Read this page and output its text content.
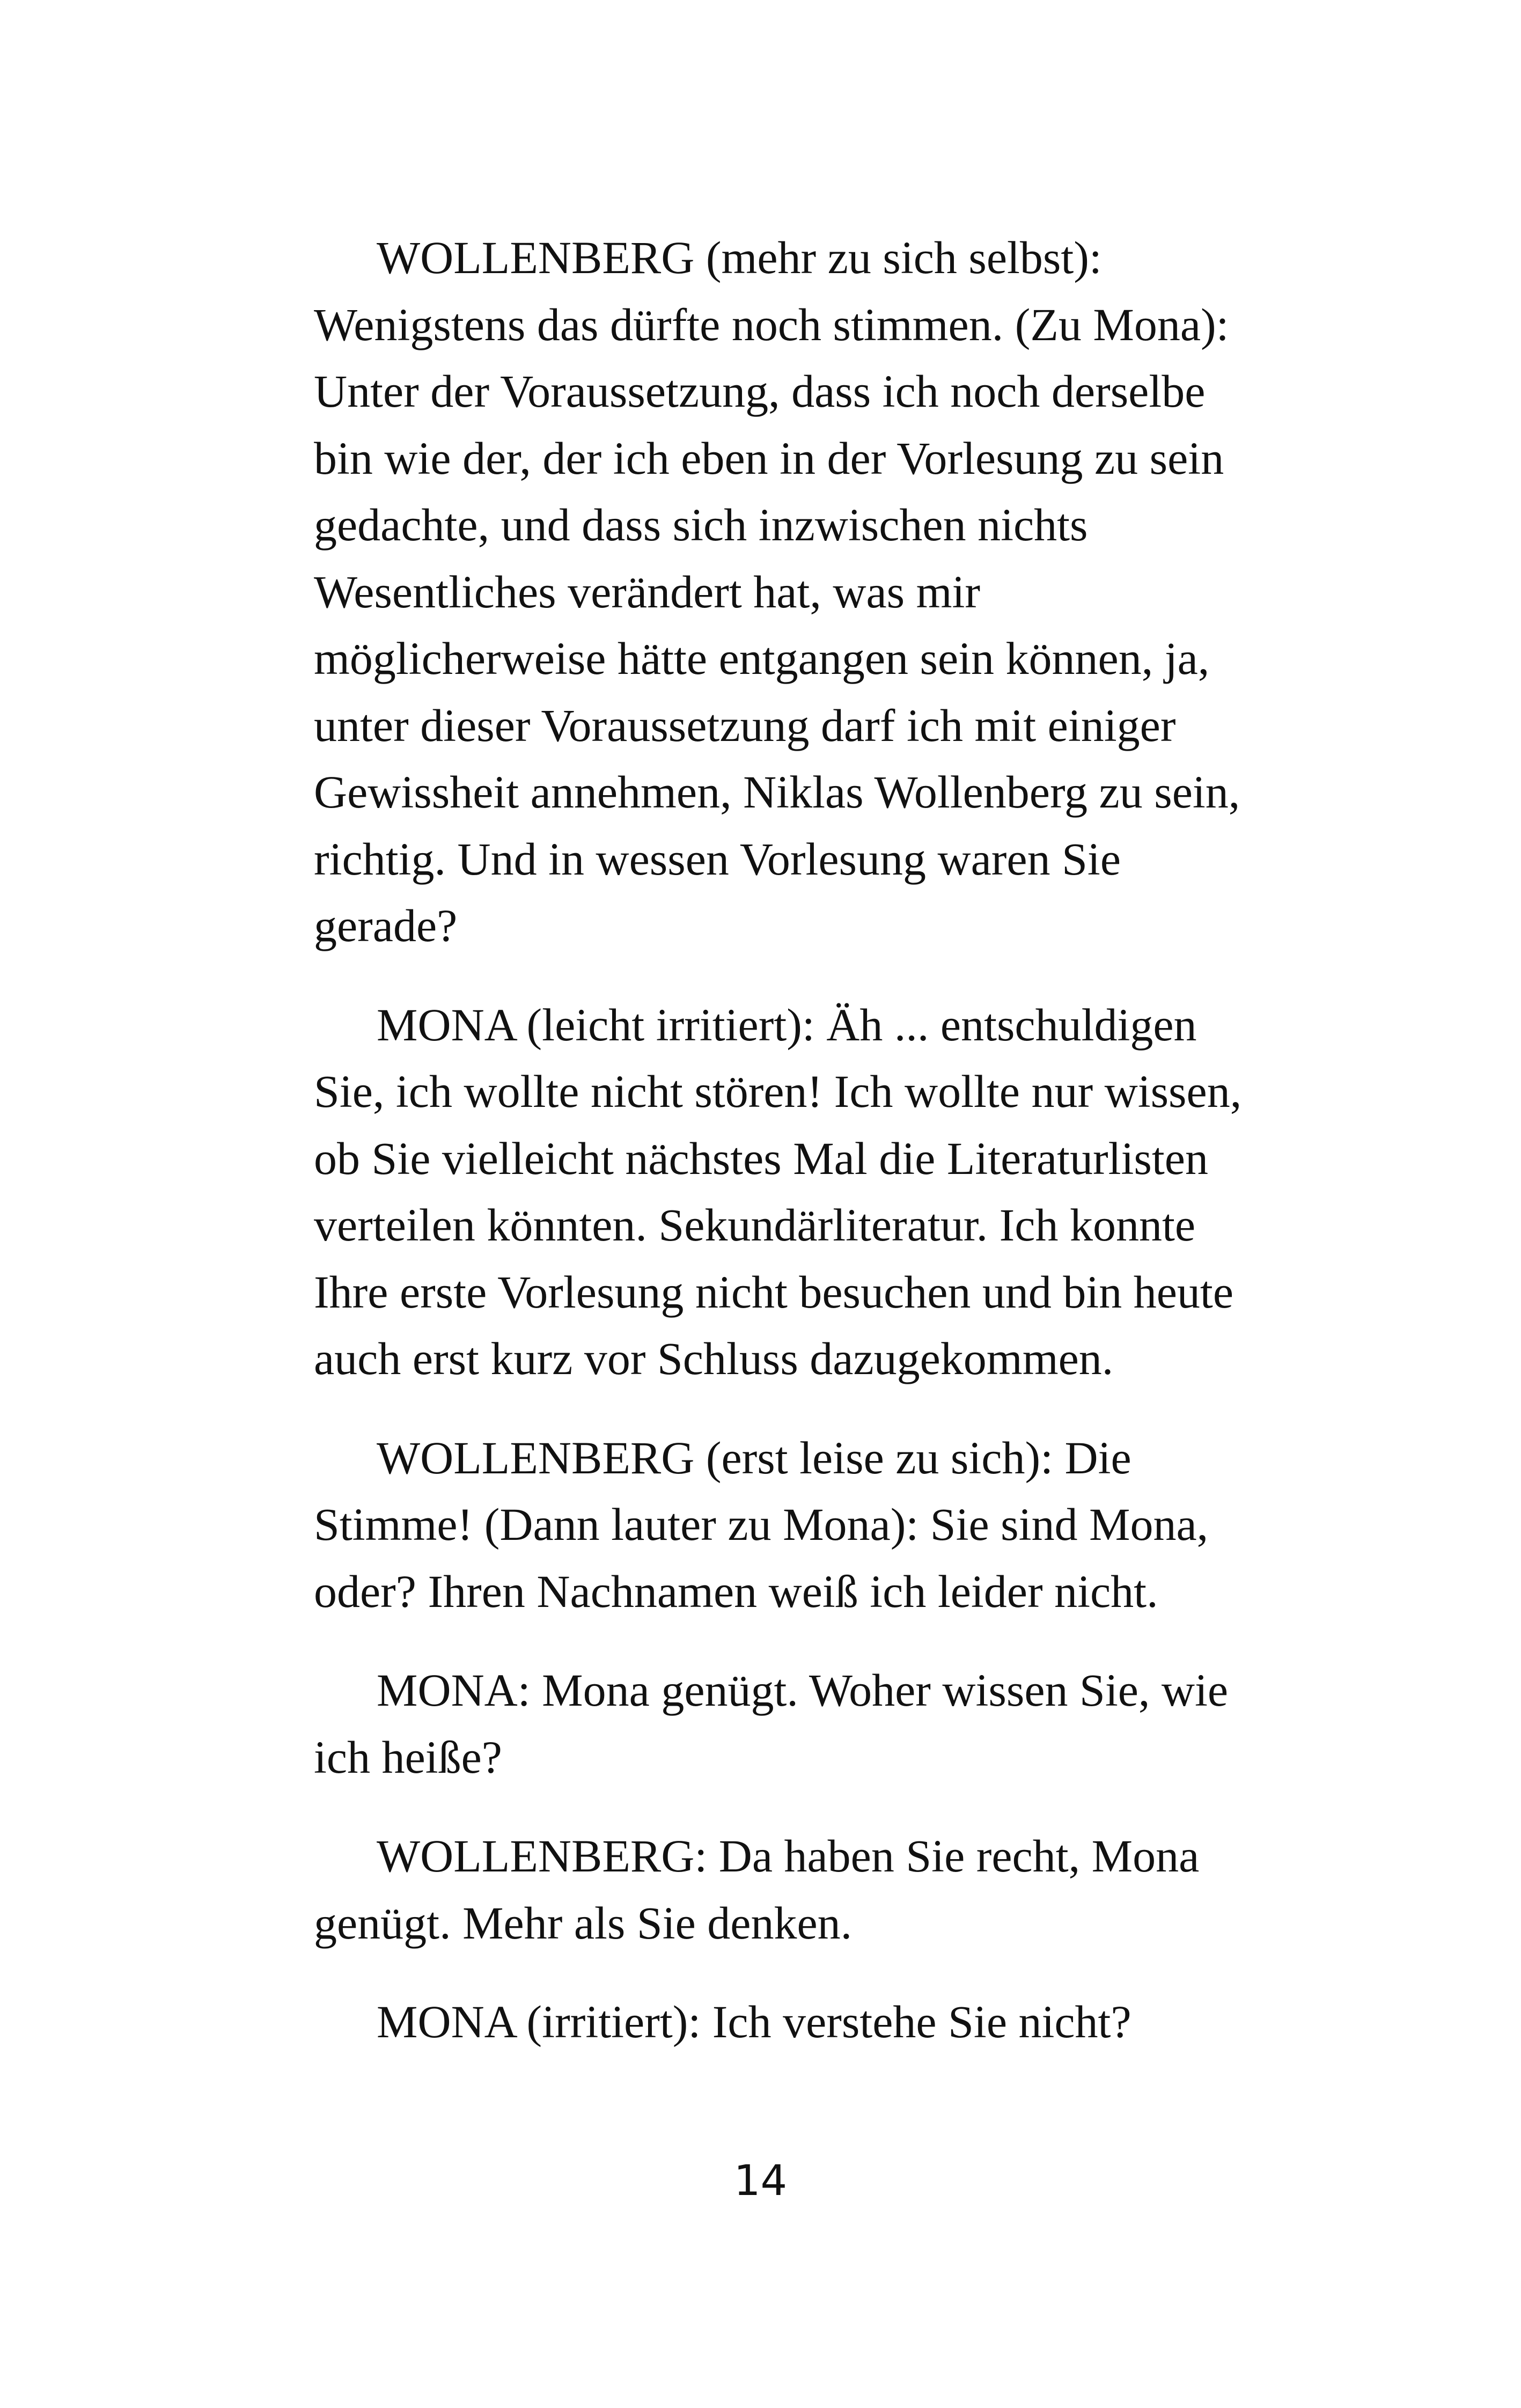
WOLLENBERG (mehr zu sich selbst):
Wenigstens das dürfte noch stimmen. (Zu Mona):
Unter der Voraussetzung, dass ich noch derselbe
bin wie der, der ich eben in der Vorlesung zu sein
gedachte, und dass sich inzwischen nichts
Wesentliches verändert hat, was mir
möglicherweise hätte entgangen sein können, ja,
unter dieser Voraussetzung darf ich mit einiger
Gewissheit annehmen, Niklas Wollenberg zu sein,
richtig. Und in wessen Vorlesung waren Sie
gerade?

MONA (leicht irritiert): Äh ... entschuldigen
Sie, ich wollte nicht stören! Ich wollte nur wissen,
ob Sie vielleicht nächstes Mal die Literaturlisten
verteilen könnten. Sekundärliteratur. Ich konnte
Ihre erste Vorlesung nicht besuchen und bin heute
auch erst kurz vor Schluss dazugekommen.

WOLLENBERG (erst leise zu sich): Die
Stimme! (Dann lauter zu Mona): Sie sind Mona,
oder? Ihren Nachnamen weiß ich leider nicht.

MONA: Mona genügt. Woher wissen Sie, wie
ich heiße?

WOLLENBERG: Da haben Sie recht, Mona
genügt. Mehr als Sie denken.

MONA (irritiert): Ich verstehe Sie nicht?

14
